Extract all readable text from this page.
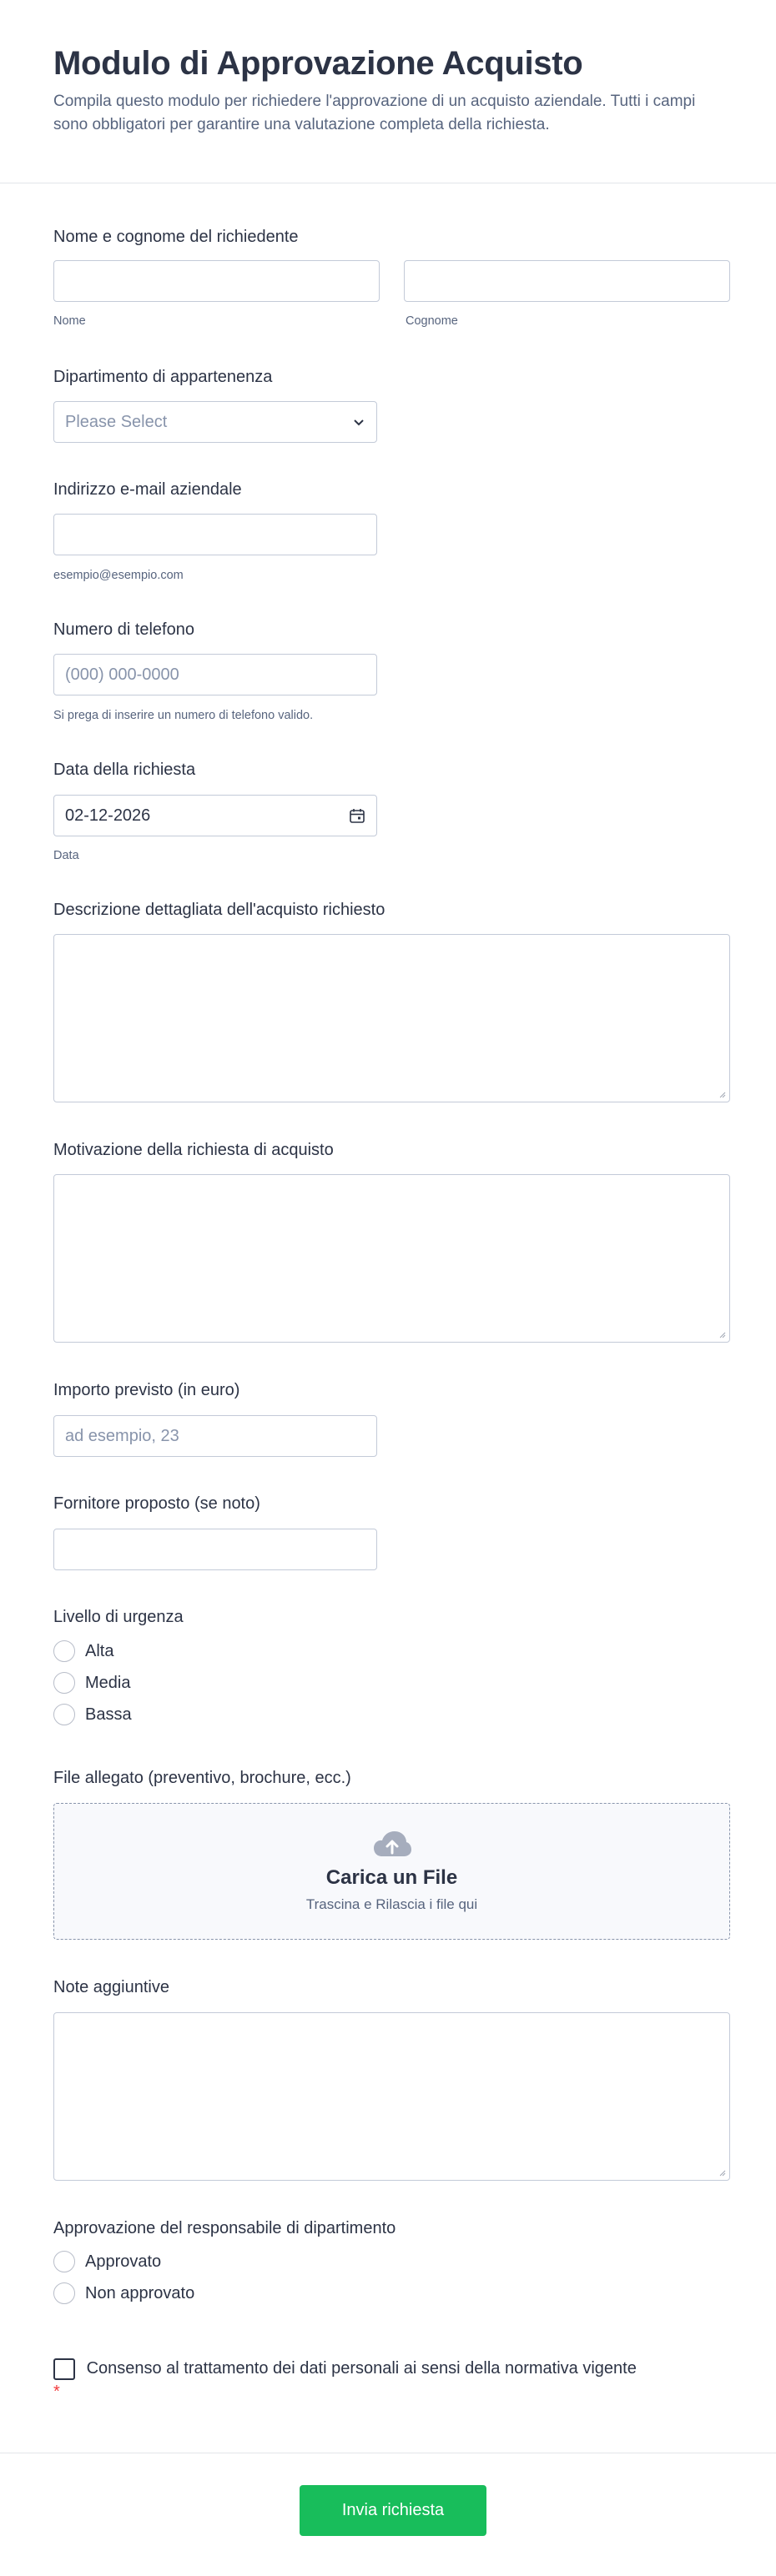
Modulo di Approvazione Acquisto

Compila questo modulo per richiedere l'approvazione di un acquisto aziendale. Tutti i campi sono obbligatori per garantire una valutazione completa della richiesta.

Nome e cognome del richiedente
Nome	Cognome
Dipartimento di appartenenza
Please Select
Indirizzo e-mail aziendale
esempio@esempio.com
Numero di telefono
(000) 000-0000
Si prega di inserire un numero di telefono valido.
Data della richiesta
02-12-2026
Data
Descrizione dettagliata dell'acquisto richiesto
Motivazione della richiesta di acquisto
Importo previsto (in euro)
ad esempio, 23
Fornitore proposto (se noto)
Livello di urgenza
Alta
Media
Bassa
File allegato (preventivo, brochure, ecc.)
Carica un File
Trascina e Rilascia i file qui
Note aggiuntive
Approvazione del responsabile di dipartimento
Approvato
Non approvato
Consenso al trattamento dei dati personali ai sensi della normativa vigente *
Invia richiesta
